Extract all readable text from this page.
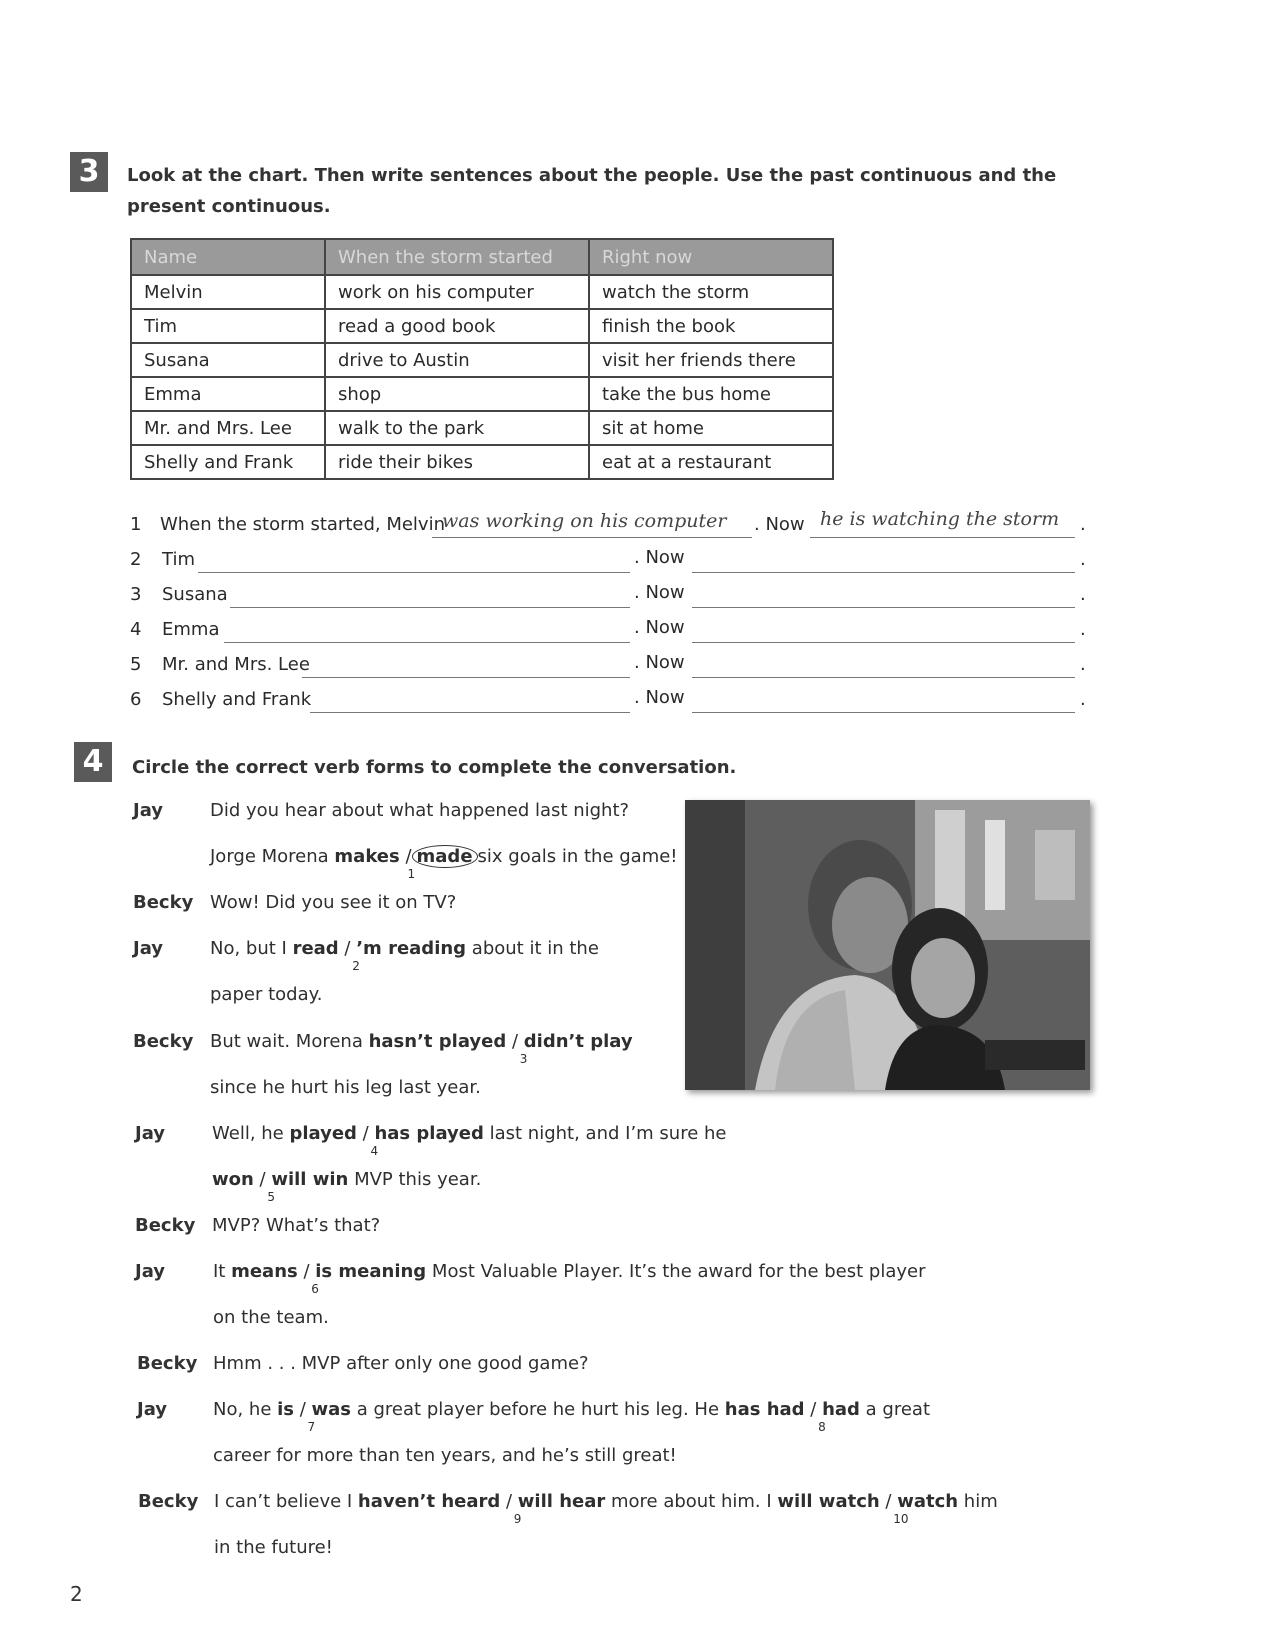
3	Look at the chart. Then write sentences about the people. Use the past continuous and the
present continuous.
Name	When the storm started	Right now
Melvin	work on his computer	watch the storm
Tim	read a good book	finish the book
Susana	drive to Austin	visit her friends there
Emma	shop	take the bus home
Mr. and Mrs. Lee	walk to the park	sit at home
Shelly and Frank	ride their bikes	eat at a restaurant
1 When the storm started, Melvin
was working on his computer . Now he is watching the storm .
2 Tim	. Now	.
3 Susana	. Now	.
4 Emma	. Now	.
5 Mr. and Mrs. Lee	. Now	.
6 Shelly and Frank	. Now	.
4	Circle the correct verb forms to complete the conversation.
Jay	Did you hear about what happened last night?
Jorge Morena makes /1made six goals in the game!
Becky Wow! Did you see it on TV?
Jay	No, but I read / 2’m reading about it in the
paper today.
Becky But wait. Morena hasn’t played / 3didn’t play
since he hurt his leg last year.
Jay	Well, he played / 4has played last night, and I’m sure he
won / 5will win MVP this year.
Becky MVP? What’s that?
Jay	It means / 6is meaning Most Valuable Player. It’s the award for the best player
on the team.
Becky Hmm . . . MVP after only one good game?
Jay	No, he is / 7was a great player before he hurt his leg. He has had / 8had a great
career for more than ten years, and he’s still great!
Becky I can’t believe I haven’t heard / 9will hear more about him. I will watch / 10watch him
in the future!
2
